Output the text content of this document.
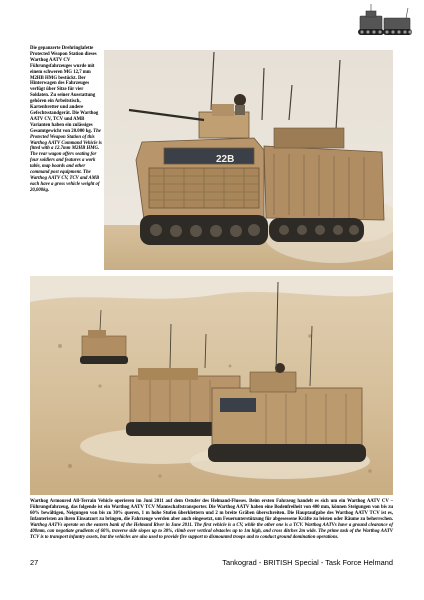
Die gepanzerte Drehringlafette Protected Weapon Station dieses Warthog AATV CV Führungsfahrzeuges wurde mit einem schweren MG 12,7 mm M2HB HMG bestückt. Der Hinterwagen des Fahrzeuges verfügt über Sitze für vier Soldaten. Zu seiner Ausstattung gehören ein Arbeitstisch, Kartenbretter und andere Gefechtsstandgerät. Die Warthog AATV CV, TCV und AMB Varianten haben ein zulässiges Gesamtgewicht von 20.000 kg. The Protected Weapon Station of this Warthog AATV Command Vehicle is fitted with a 12.7mm M2HB HMG. The rear wagon offers seating for four soldiers and features a work table, map boards and other command post equipment. The Warthog AATV CV, TCV and AMB each have a gross vehicle weight of 20,000kg.
22B
Warthog Armoured All-Terrain Vehicle operieren im Juni 2011 auf dem Ostufer des Helmand-Flusses. Beim ersten Fahrzeug handelt es sich um ein Warthog AATV CV – Führungsfahrzeug, das folgende ist ein Warthog AATV TCV Mannschaftstransporter. Die Warthog AATV haben eine Bodenfreiheit von 400 mm, können Steigungen von bis zu 60% bewältigen, Neigungen von bis zu 30% queren, 1 m hohe Stufen überklettern und 2 m breite Gräben überschreiten. Die Hauptaufgabe des Warthog AATV TCV ist es, Infanteristen an ihren Einsatzort zu bringen, die Fahrzeuge werden aber auch eingesetzt, um Feuerunterstützung für abgesessene Kräfte zu leisten oder Räume zu beherrschen. Warthog AATVs operate on the eastern bank of the Helmand River in June 2011. The first vehicle is a CV, while the other one is a TCV. Warthog AATVs have a ground clearance of 400mm, can negotiate gradients of 60%, traverse side slopes up to 30%, climb over vertical obstacles up to 1m high, and cross ditches 2m wide. The prime task of the Warthog AATV TCV is to transport infantry assets, but the vehicles are also used to provide fire support to dismounted troops and to conduct ground domination operations.
27	Tankograd - BRITISH Special - Task Force Helmand
